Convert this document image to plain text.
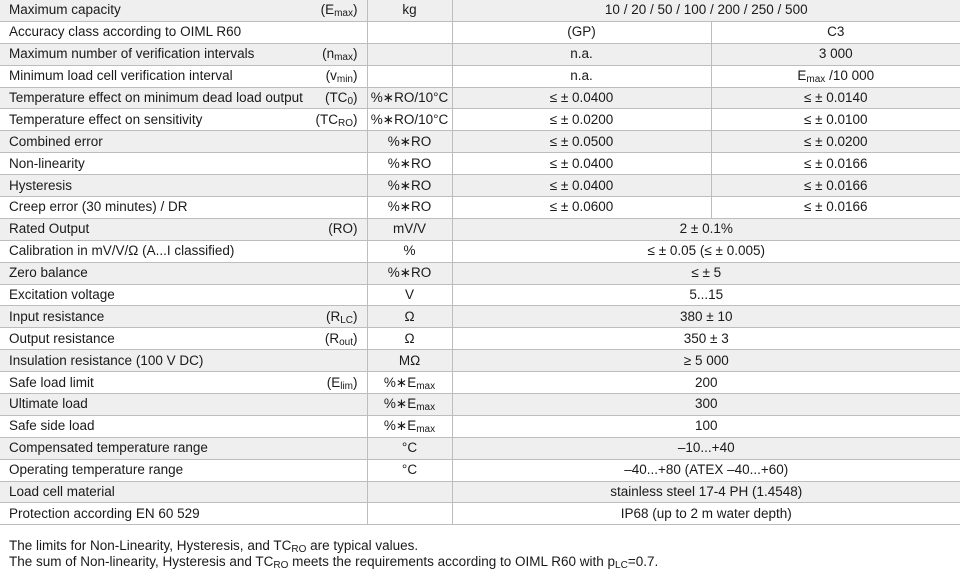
Maximum capacity	$(E_{max})$	kg	10 / 20 / 50 / 100 / 200 / 250 / 500	
Accuracy class according to OIML R60			(GP)	C3
Maximum number of verification intervals	$(n_{max})$		n.a.	3 000
Minimum load cell verification interval	$(v_{min})$		n.a.	$E_{max}$ /10 000
Temperature effect on minimum dead load output	$(TC_0)$	%∗RO/10°C	≤ ± 0.0400	≤ ± 0.0140
Temperature effect on sensitivity	$(TC_{RO})$	%∗RO/10°C	≤ ± 0.0200	≤ ± 0.0100
Combined error		%∗RO	≤ ± 0.0500	≤ ± 0.0200
Non-linearity		%∗RO	≤ ± 0.0400	≤ ± 0.0166
Hysteresis		%∗RO	≤ ± 0.0400	≤ ± 0.0166
Creep error (30 minutes) / DR		%∗RO	≤ ± 0.0600	≤ ± 0.0166
Rated Output	(RO)	mV/V	2 ± 0.1%	
Calibration in mV/V/Ω (A...I classified)		%	≤ ± 0.05 (≤ ± 0.005)	
Zero balance		%∗RO	≤ ± 5	
Excitation voltage		V	5...15	
Input resistance	$(R_{LC})$	Ω	380 ± 10	
Output resistance	$(R_{out})$	Ω	350 ± 3	
Insulation resistance (100 V DC)		MΩ	≥ 5 000	
Safe load limit	$(E_{lim})$	$\%∗E_{max}$	200	
Ultimate load		$\%∗E_{max}$	300	
Safe side load		$\%∗E_{max}$	100	
Compensated temperature range		°C	–10...+40	
Operating temperature range		°C	–40...+80 (ATEX –40...+60)	
Load cell material			stainless steel 17-4 PH (1.4548)	
Protection according EN 60 529			IP68 (up to 2 m water depth)	
The limits for Non-Linearity, Hysteresis, and $TC_{RO}$ are typical values.
The sum of Non-linearity, Hysteresis and $TC_{RO}$ meets the requirements according to OIML R60 with $p_{LC}=0.7$.
